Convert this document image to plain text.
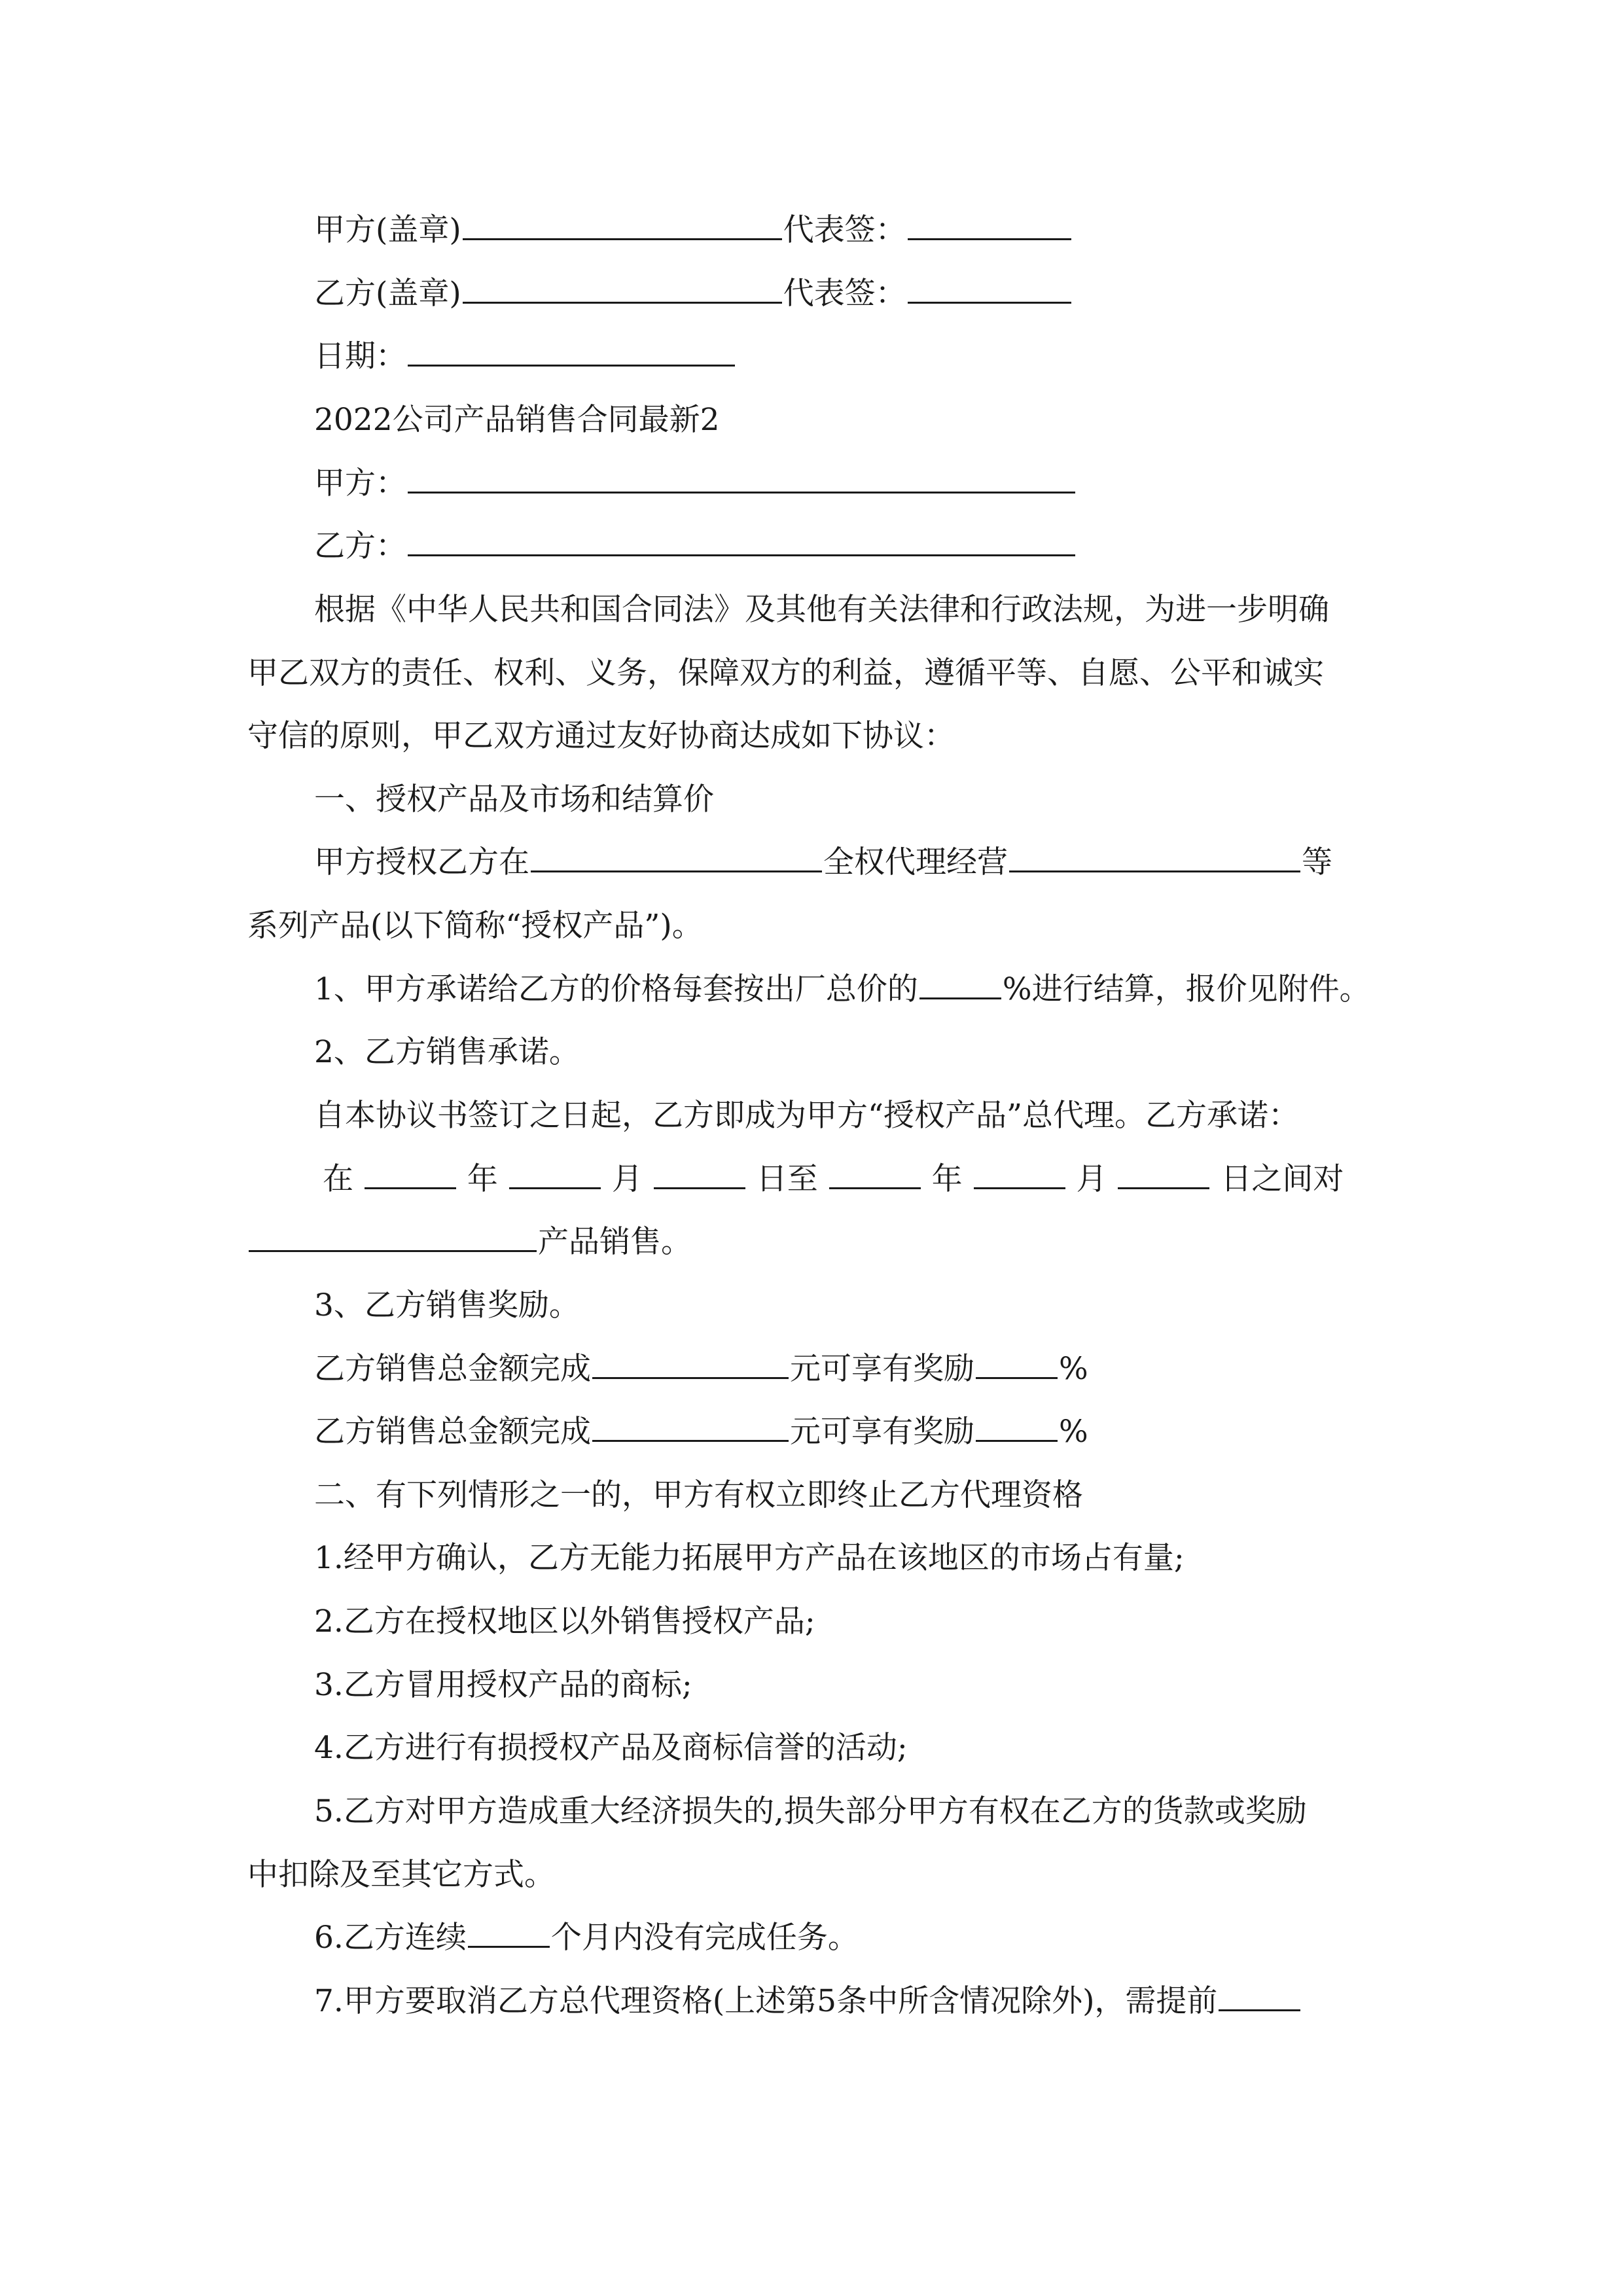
甲方(盖章)	代表签：
乙方(盖章)	代表签：
日期：
2022公司产品销售合同最新2
甲方：
乙方：
根据《中华人民共和国合同法》及其他有关法律和行政法规，为进一步明确
甲乙双方的责任、权利、义务，保障双方的利益，遵循平等、自愿、公平和诚实
守信的原则，甲乙双方通过友好协商达成如下协议：
一、授权产品及市场和结算价
甲方授权乙方在	全权代理经营	等
系列产品(以下简称“授权产品”)。
1、甲方承诺给乙方的价格每套按出厂总价的	%进行结算，报价见附件。
2、乙方销售承诺。
自本协议书签订之日起，乙方即成为甲方“授权产品”总代理。乙方承诺：
在	年	月	日至	年	月	日之间对
产品销售。
3、乙方销售奖励。
乙方销售总金额完成	元可享有奖励	%
乙方销售总金额完成	元可享有奖励	%
二、有下列情形之一的，甲方有权立即终止乙方代理资格
1.经甲方确认，乙方无能力拓展甲方产品在该地区的市场占有量;
2.乙方在授权地区以外销售授权产品;
3.乙方冒用授权产品的商标;
4.乙方进行有损授权产品及商标信誉的活动;
5.乙方对甲方造成重大经济损失的,损失部分甲方有权在乙方的货款或奖励
中扣除及至其它方式。
6.乙方连续	个月内没有完成任务。
7.甲方要取消乙方总代理资格(上述第5条中所含情况除外)，需提前
